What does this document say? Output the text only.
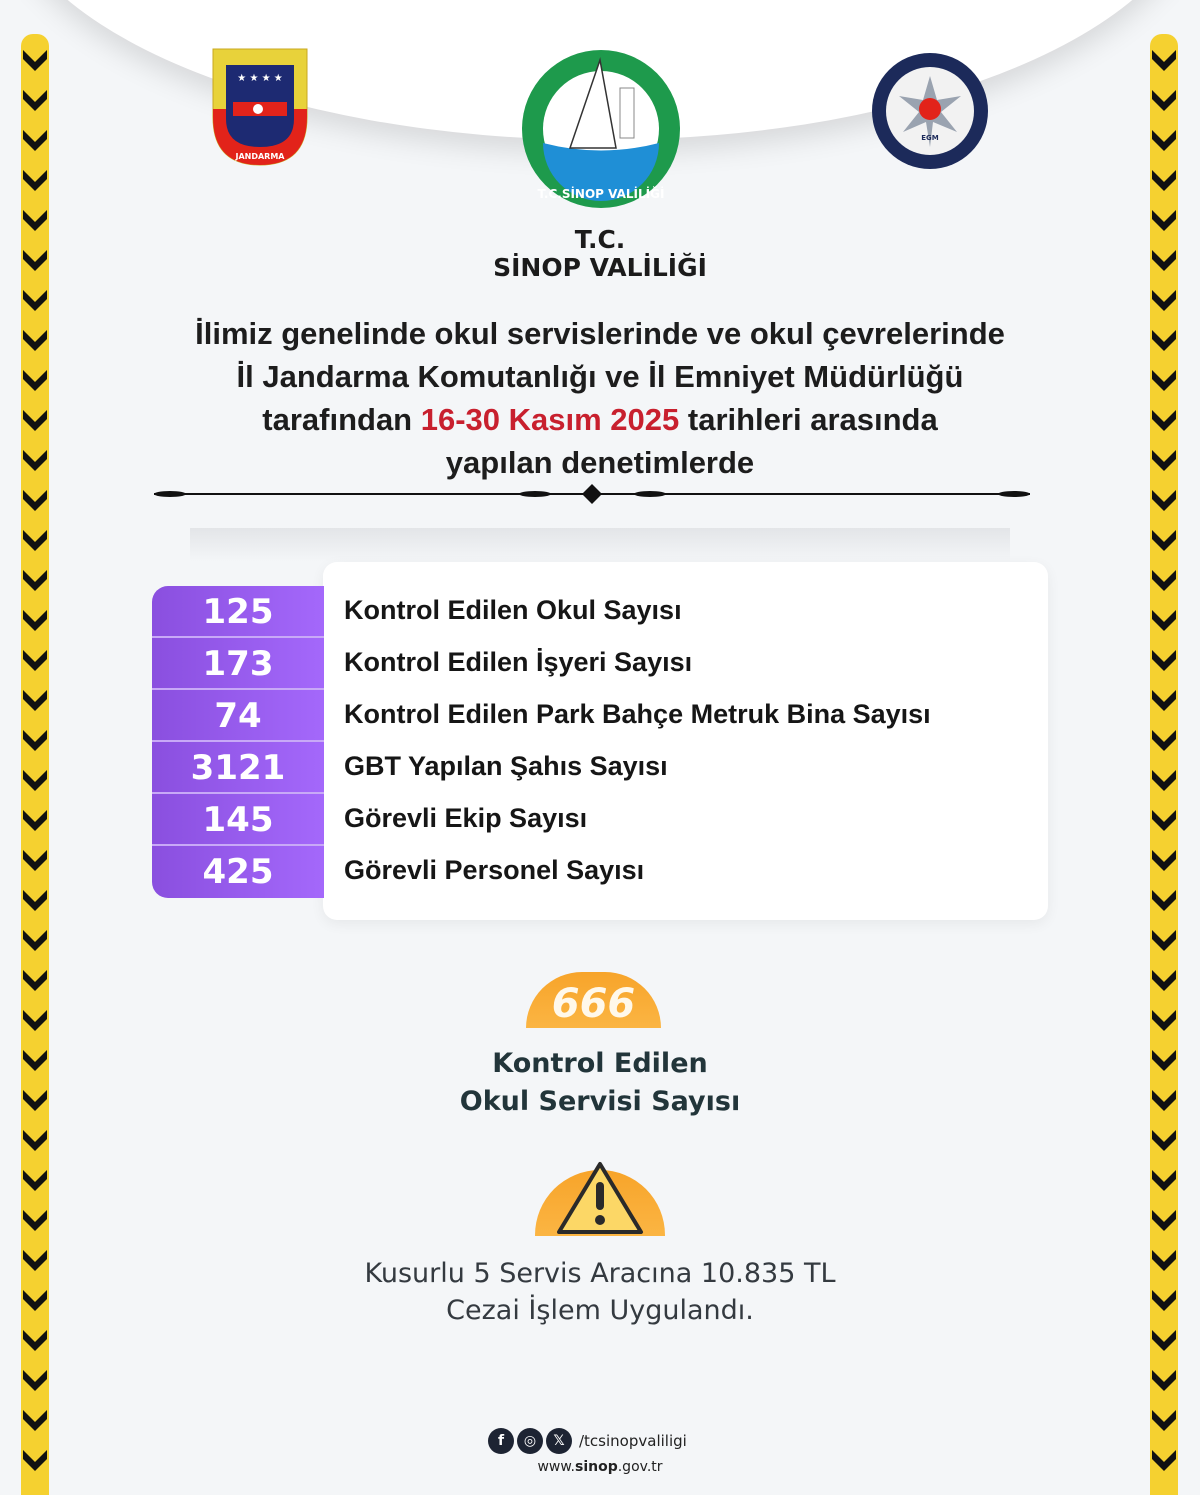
★ ★ ★ ★
JANDARMA
T.C.SİNOP VALİLİĞİ
EGM
T.C.
SİNOP VALİLİĞİ
İlimiz genelinde okul servislerinde ve okul çevrelerinde
İl Jandarma Komutanlığı ve İl Emniyet Müdürlüğü
tarafından 16-30 Kasım 2025 tarihleri arasında
yapılan denetimlerde
125
173
74
3121
145
425
Kontrol Edilen Okul Sayısı
Kontrol Edilen İşyeri Sayısı
Kontrol Edilen Park Bahçe Metruk Bina Sayısı
GBT Yapılan Şahıs Sayısı
Görevli Ekip Sayısı
Görevli Personel Sayısı
666
Kontrol Edilen
Okul Servisi Sayısı
Kusurlu 5 Servis Aracına 10.835 TL
Cezai İşlem Uygulandı.
f	◎	𝕏 /tcsinopvaliligi
www.sinop.gov.tr
